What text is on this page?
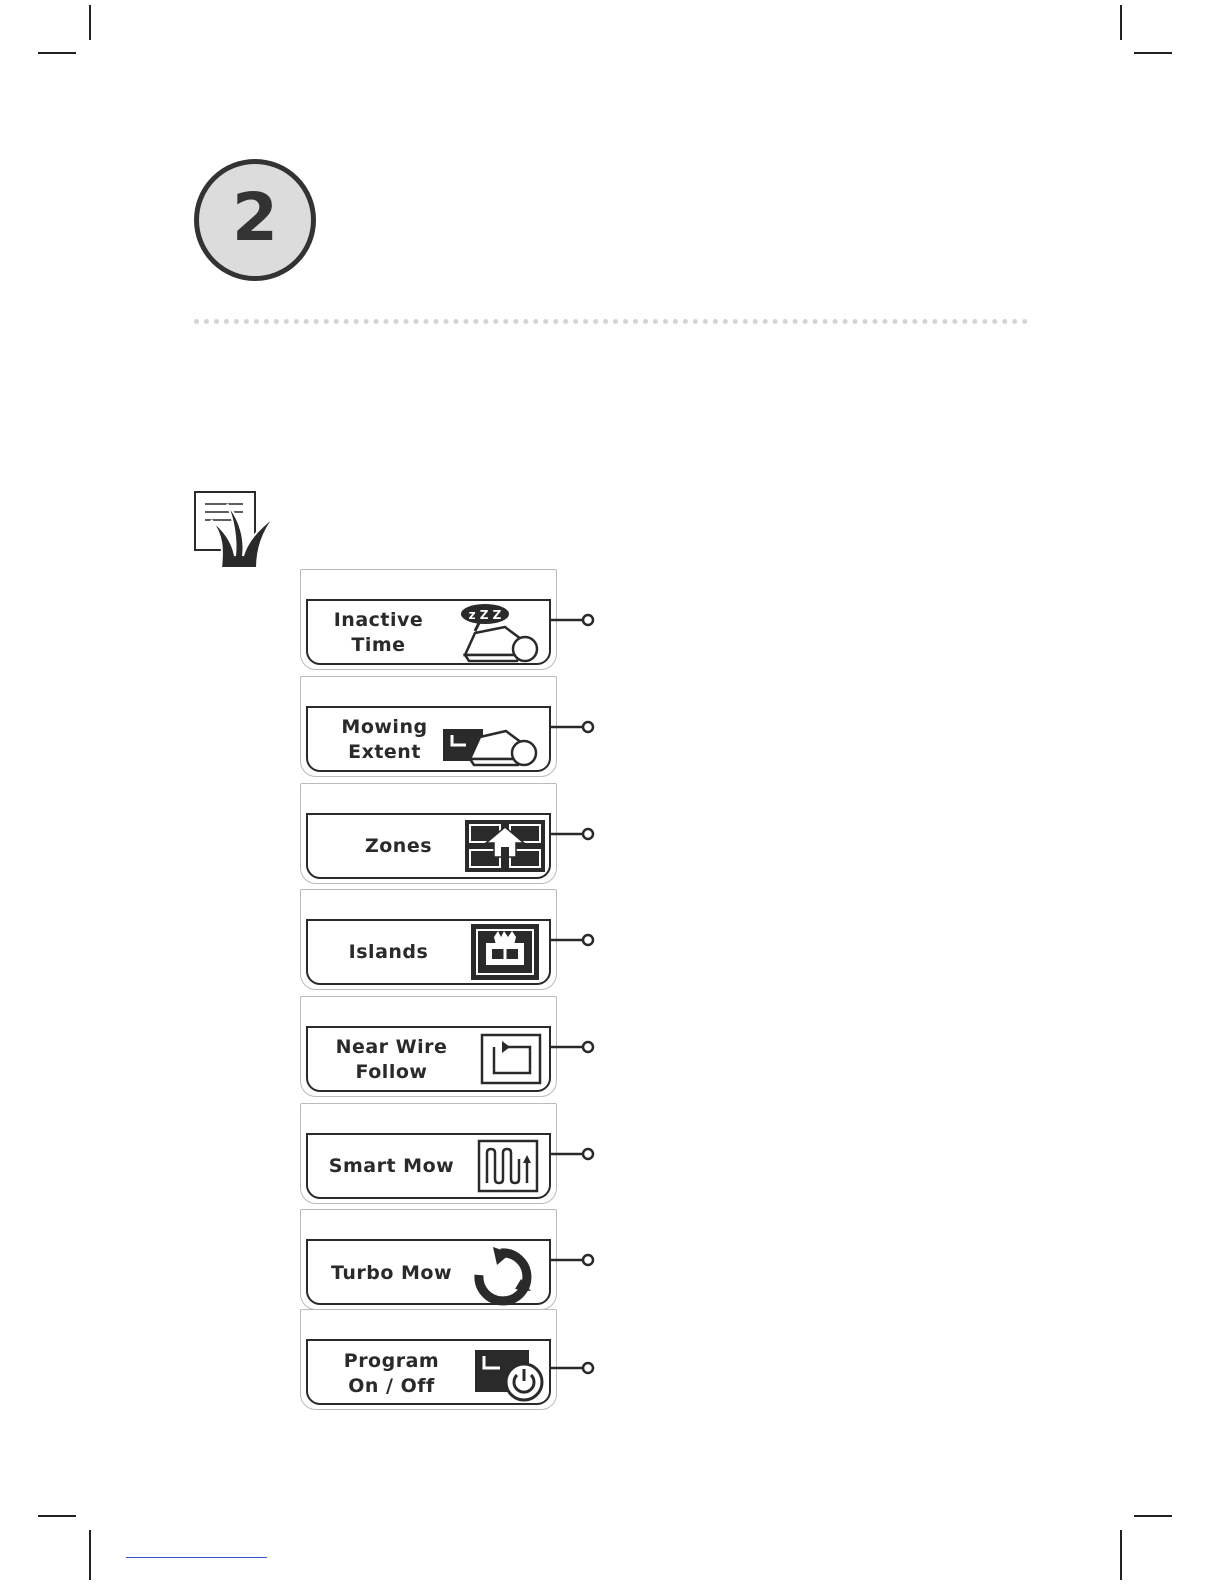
2
Inactive
Time
z Z Z
Mowing
Extent
Zones
Islands
Near Wire
Follow
Smart Mow
Turbo Mow
Program
On / Off
